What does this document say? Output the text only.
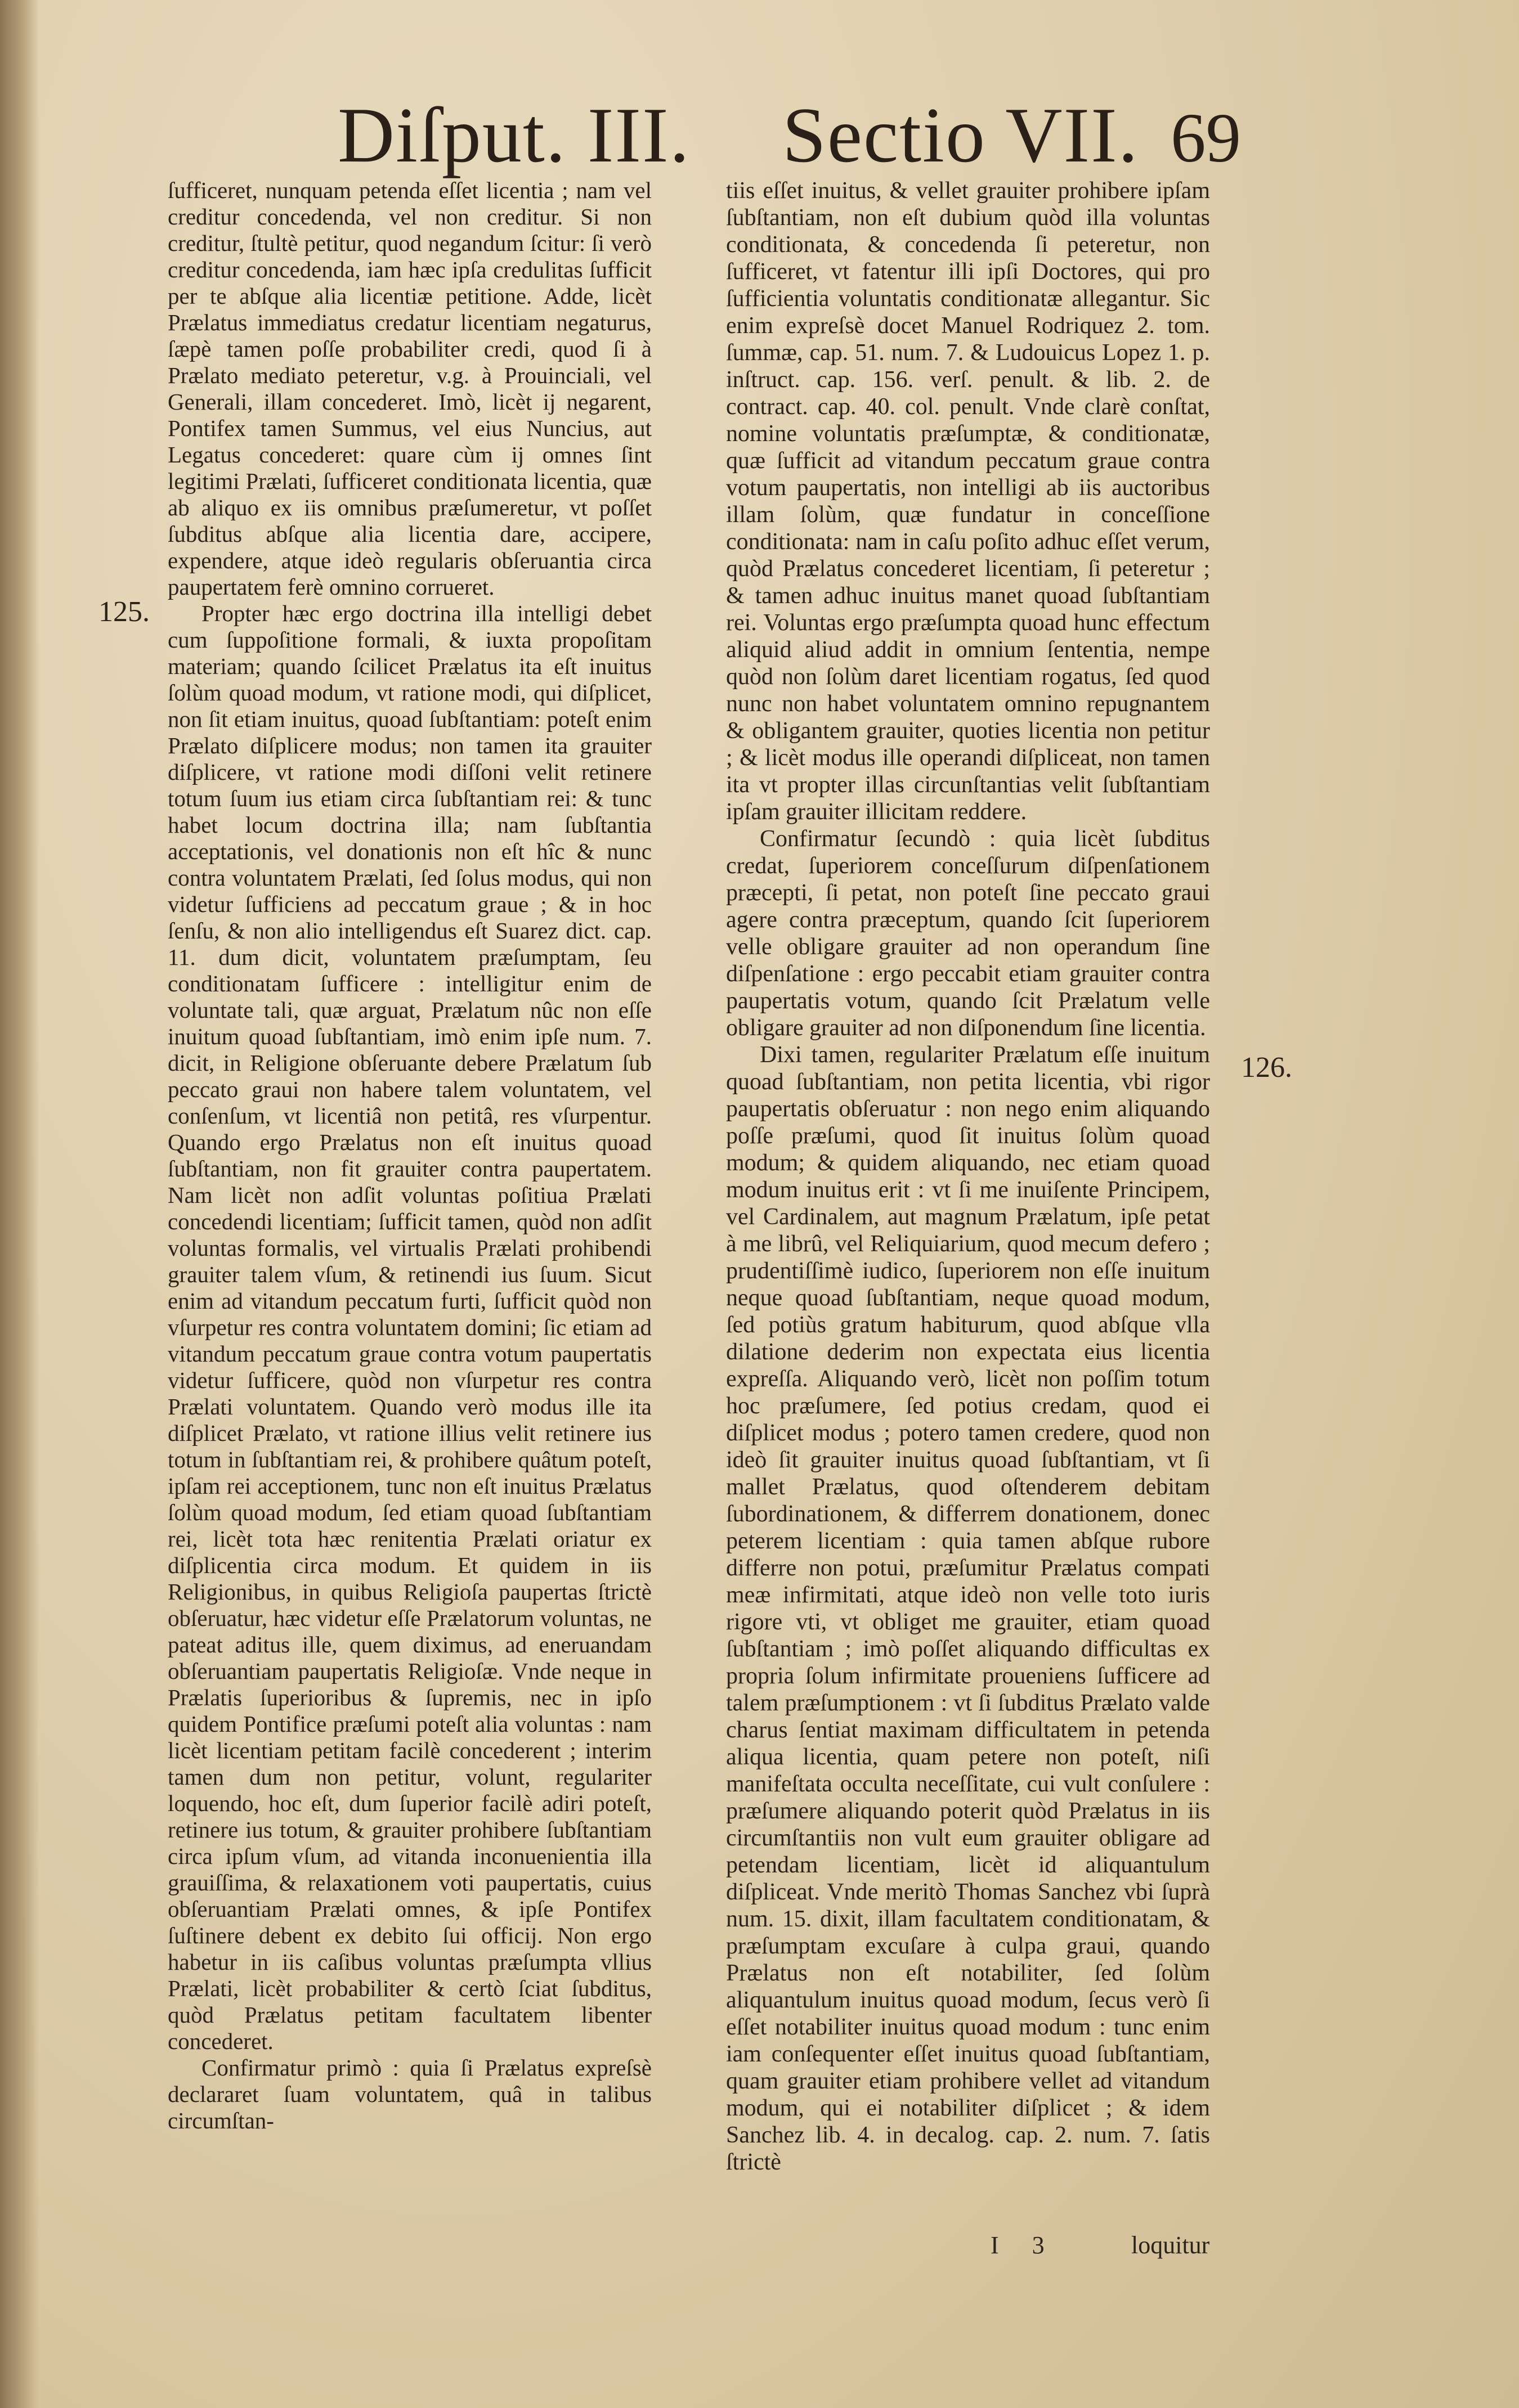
Diſput. III. Sectio VII. 69
125.
126.

ſufficeret, nunquam petenda eſſet licentia ; nam vel creditur concedenda, vel non creditur. Si non creditur, ſtultè petitur, quod negandum ſcitur: ſi verò creditur concedenda, iam hæc ipſa credulitas ſufficit per te abſque alia licentiæ petitione. Adde, licèt Prælatus immediatus credatur licentiam negaturus, ſæpè tamen poſſe probabiliter credi, quod ſi à Prælato mediato peteretur, v.g. à Prouinciali, vel Generali, illam concederet. Imò, licèt ij negarent, Pontifex tamen Summus, vel eius Nuncius, aut Legatus concederet: quare cùm ij omnes ſint legitimi Prælati, ſufficeret conditionata licentia, quæ ab aliquo ex iis omnibus præſumeretur, vt poſſet ſubditus abſque alia licentia dare, accipere, expendere, atque ideò regularis obſeruantia circa paupertatem ferè omnino corrueret.

Propter hæc ergo doctrina illa intelligi debet cum ſuppoſitione formali, & iuxta propoſitam materiam; quando ſcilicet Prælatus ita eſt inuitus ſolùm quoad modum, vt ratione modi, qui diſplicet, non ſit etiam inuitus, quoad ſubſtantiam: poteſt enim Prælato diſplicere modus; non tamen ita grauiter diſplicere, vt ratione modi diſſoni velit retinere totum ſuum ius etiam circa ſubſtantiam rei: & tunc habet locum doctrina illa; nam ſubſtantia acceptationis, vel donationis non eſt hîc & nunc contra voluntatem Prælati, ſed ſolus modus, qui non videtur ſufficiens ad peccatum graue ; & in hoc ſenſu, & non alio intelligendus eſt Suarez dict. cap. 11. dum dicit, voluntatem præſumptam, ſeu conditionatam ſufficere : intelligitur enim de voluntate tali, quæ arguat, Prælatum nûc non eſſe inuitum quoad ſubſtantiam, imò enim ipſe num. 7. dicit, in Religione obſeruante debere Prælatum ſub peccato graui non habere talem voluntatem, vel conſenſum, vt licentiâ non petitâ, res vſurpentur. Quando ergo Prælatus non eſt inuitus quoad ſubſtantiam, non fit grauiter contra paupertatem. Nam licèt non adſit voluntas poſitiua Prælati concedendi licentiam; ſufficit tamen, quòd non adſit voluntas formalis, vel virtualis Prælati prohibendi grauiter talem vſum, & retinendi ius ſuum. Sicut enim ad vitandum peccatum furti, ſufficit quòd non vſurpetur res contra voluntatem domini; ſic etiam ad vitandum peccatum graue contra votum paupertatis videtur ſufficere, quòd non vſurpetur res contra Prælati voluntatem. Quando verò modus ille ita diſplicet Prælato, vt ratione illius velit retinere ius totum in ſubſtantiam rei, & prohibere quâtum poteſt, ipſam rei acceptionem, tunc non eſt inuitus Prælatus ſolùm quoad modum, ſed etiam quoad ſubſtantiam rei, licèt tota hæc renitentia Prælati oriatur ex diſplicentia circa modum. Et quidem in iis Religionibus, in quibus Religioſa paupertas ſtrictè obſeruatur, hæc videtur eſſe Prælatorum voluntas, ne pateat aditus ille, quem diximus, ad eneruandam obſeruantiam paupertatis Religioſæ. Vnde neque in Prælatis ſuperioribus & ſupremis, nec in ipſo quidem Pontifice præſumi poteſt alia voluntas : nam licèt licentiam petitam facilè concederent ; interim tamen dum non petitur, volunt, regulariter loquendo, hoc eſt, dum ſuperior facilè adiri poteſt, retinere ius totum, & grauiter prohibere ſubſtantiam circa ipſum vſum, ad vitanda inconuenientia illa grauiſſima, & relaxationem voti paupertatis, cuius obſeruantiam Prælati omnes, & ipſe Pontifex ſuſtinere debent ex debito ſui officij. Non ergo habetur in iis caſibus voluntas præſumpta vllius Prælati, licèt probabiliter & certò ſciat ſubditus, quòd Prælatus petitam facultatem libenter concederet.

Confirmatur primò : quia ſi Prælatus expreſsè declararet ſuam voluntatem, quâ in talibus circumſtan-

tiis eſſet inuitus, & vellet grauiter prohibere ipſam ſubſtantiam, non eſt dubium quòd illa voluntas conditionata, & concedenda ſi peteretur, non ſufficeret, vt fatentur illi ipſi Doctores, qui pro ſufficientia voluntatis conditionatæ allegantur. Sic enim expreſsè docet Manuel Rodriquez 2. tom. ſummæ, cap. 51. num. 7. & Ludouicus Lopez 1. p. inſtruct. cap. 156. verſ. penult. & lib. 2. de contract. cap. 40. col. penult. Vnde clarè conſtat, nomine voluntatis præſumptæ, & conditionatæ, quæ ſufficit ad vitandum peccatum graue contra votum paupertatis, non intelligi ab iis auctoribus illam ſolùm, quæ fundatur in conceſſione conditionata: nam in caſu poſito adhuc eſſet verum, quòd Prælatus concederet licentiam, ſi peteretur ; & tamen adhuc inuitus manet quoad ſubſtantiam rei. Voluntas ergo præſumpta quoad hunc effectum aliquid aliud addit in omnium ſententia, nempe quòd non ſolùm daret licentiam rogatus, ſed quod nunc non habet voluntatem omnino repugnantem & obligantem grauiter, quoties licentia non petitur ; & licèt modus ille operandi diſpliceat, non tamen ita vt propter illas circunſtantias velit ſubſtantiam ipſam grauiter illicitam reddere.

Confirmatur ſecundò : quia licèt ſubditus credat, ſuperiorem conceſſurum diſpenſationem præcepti, ſi petat, non poteſt ſine peccato graui agere contra præceptum, quando ſcit ſuperiorem velle obligare grauiter ad non operandum ſine diſpenſatione : ergo peccabit etiam grauiter contra paupertatis votum, quando ſcit Prælatum velle obligare grauiter ad non diſponendum ſine licentia.

Dixi tamen, regulariter Prælatum eſſe inuitum quoad ſubſtantiam, non petita licentia, vbi rigor paupertatis obſeruatur : non nego enim aliquando poſſe præſumi, quod ſit inuitus ſolùm quoad modum; & quidem aliquando, nec etiam quoad modum inuitus erit : vt ſi me inuiſente Principem, vel Cardinalem, aut magnum Prælatum, ipſe petat à me librû, vel Reliquiarium, quod mecum defero ; prudentiſſimè iudico, ſuperiorem non eſſe inuitum neque quoad ſubſtantiam, neque quoad modum, ſed potiùs gratum habiturum, quod abſque vlla dilatione dederim non expectata eius licentia expreſſa. Aliquando verò, licèt non poſſim totum hoc præſumere, ſed potius credam, quod ei diſplicet modus ; potero tamen credere, quod non ideò ſit grauiter inuitus quoad ſubſtantiam, vt ſi mallet Prælatus, quod oſtenderem debitam ſubordinationem, & differrem donationem, donec peterem licentiam : quia tamen abſque rubore differre non potui, præſumitur Prælatus compati meæ infirmitati, atque ideò non velle toto iuris rigore vti, vt obliget me grauiter, etiam quoad ſubſtantiam ; imò poſſet aliquando difficultas ex propria ſolum infirmitate proueniens ſufficere ad talem præſumptionem : vt ſi ſubditus Prælato valde charus ſentiat maximam difficultatem in petenda aliqua licentia, quam petere non poteſt, niſi manifeſtata occulta neceſſitate, cui vult conſulere : præſumere aliquando poterit quòd Prælatus in iis circumſtantiis non vult eum grauiter obligare ad petendam licentiam, licèt id aliquantulum diſpliceat. Vnde meritò Thomas Sanchez vbi ſuprà num. 15. dixit, illam facultatem conditionatam, & præſumptam excuſare à culpa graui, quando Prælatus non eſt notabiliter, ſed ſolùm aliquantulum inuitus quoad modum, ſecus verò ſi eſſet notabiliter inuitus quoad modum : tunc enim iam conſequenter eſſet inuitus quoad ſubſtantiam, quam grauiter etiam prohibere vellet ad vitandum modum, qui ei notabiliter diſplicet ; & idem Sanchez lib. 4. in decalog. cap. 2. num. 7. ſatis ſtrictè

I 3	loquitur
